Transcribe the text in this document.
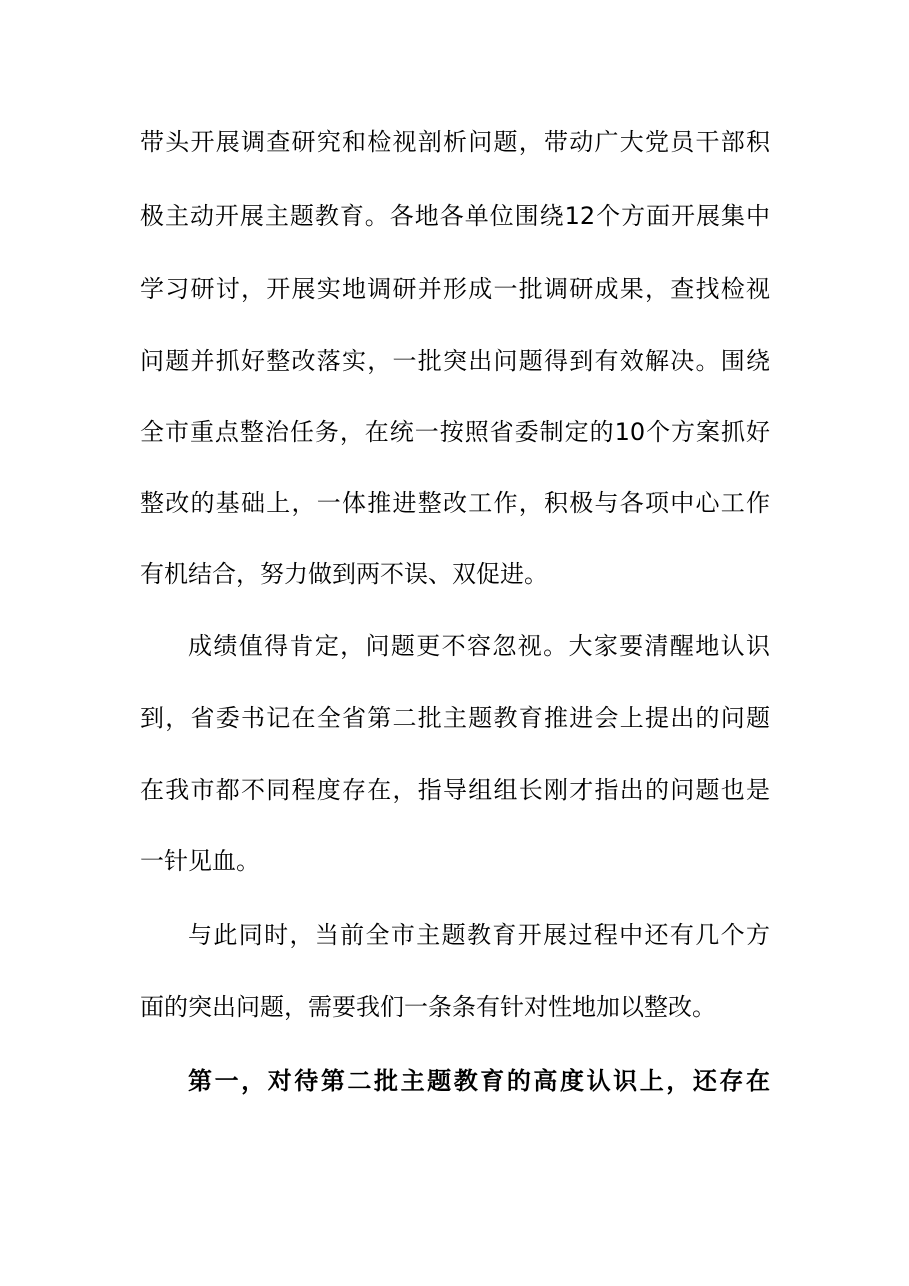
带头开展调查研究和检视剖析问题，带动广大党员干部积
极主动开展主题教育。各地各单位围绕12个方面开展集中
学习研讨，开展实地调研并形成一批调研成果，查找检视
问题并抓好整改落实，一批突出问题得到有效解决。围绕
全市重点整治任务，在统一按照省委制定的10个方案抓好
整改的基础上，一体推进整改工作，积极与各项中心工作
有机结合，努力做到两不误、双促进。
成绩值得肯定，问题更不容忽视。大家要清醒地认识
到，省委书记在全省第二批主题教育推进会上提出的问题
在我市都不同程度存在，指导组组长刚才指出的问题也是
一针见血。
与此同时，当前全市主题教育开展过程中还有几个方
面的突出问题，需要我们一条条有针对性地加以整改。
第一，对待第二批主题教育的高度认识上，还存在
